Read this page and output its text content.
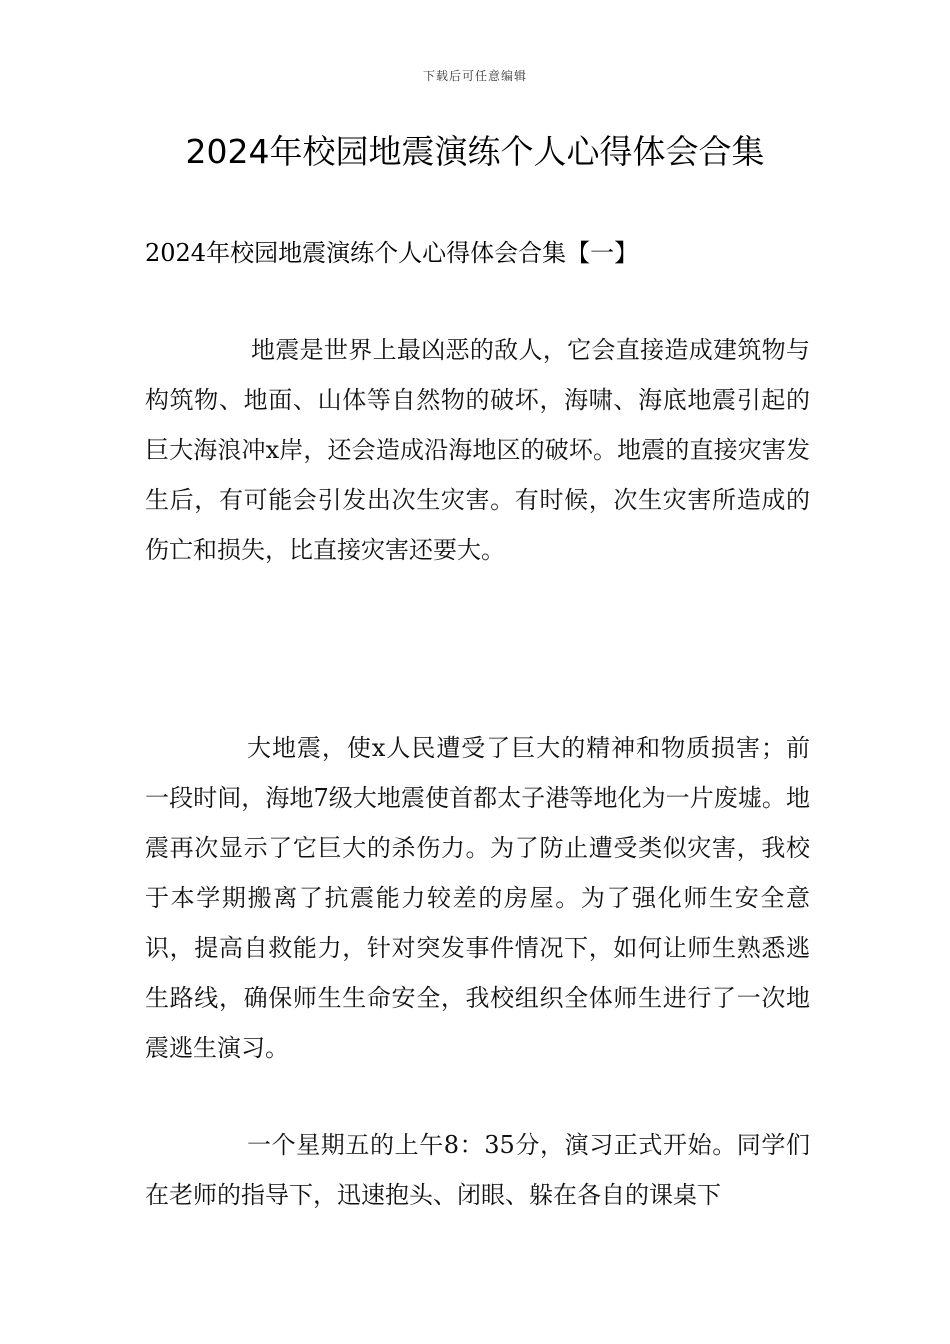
下载后可任意编辑
2024年校园地震演练个人心得体会合集
2024年校园地震演练个人心得体会合集【一】

地震是世界上最凶恶的敌人，它会直接造成建筑物与构筑物、地面、山体等自然物的破坏，海啸、海底地震引起的巨大海浪冲x岸，还会造成沿海地区的破坏。地震的直接灾害发生后，有可能会引发出次生灾害。有时候，次生灾害所造成的伤亡和损失，比直接灾害还要大。

大地震，使x人民遭受了巨大的精神和物质损害；前一段时间，海地7级大地震使首都太子港等地化为一片废墟。地震再次显示了它巨大的杀伤力。为了防止遭受类似灾害，我校于本学期搬离了抗震能力较差的房屋。为了强化师生安全意识，提高自救能力，针对突发事件情况下，如何让师生熟悉逃生路线，确保师生生命安全，我校组织全体师生进行了一次地震逃生演习。

一个星期五的上午8：35分，演习正式开始。同学们在老师的指导下，迅速抱头、闭眼、躲在各自的课桌下
